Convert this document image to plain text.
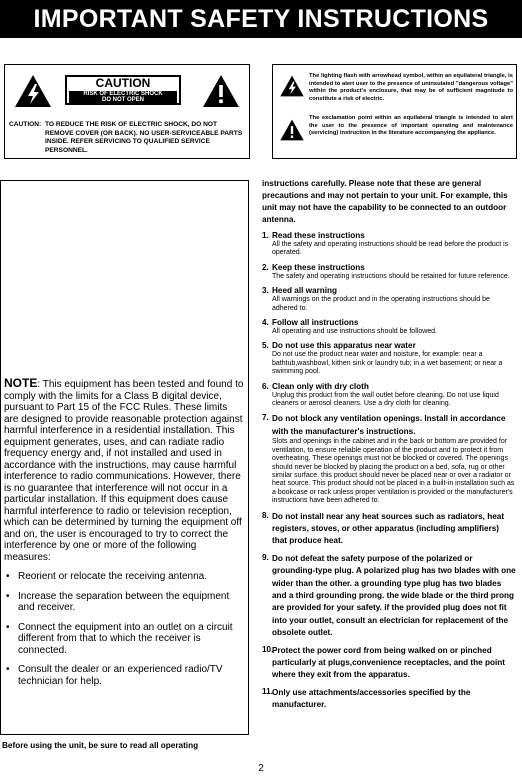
IMPORTANT SAFETY INSTRUCTIONS
CAUTION
RISK OF ELECTRIC SHOCK
DO NOT OPEN
CAUTION: TO REDUCE THE RISK OF ELECTRIC SHOCK, DO NOT REMOVE COVER (OR BACK). NO USER-SERVICEABLE PARTS INSIDE. REFER SERVICING TO QUALIFIED SERVICE PERSONNEL.
The lighting flash with arrowhead symbol, within an equilateral triangle, is intended to alert user to the presence of uninsulated "dangerous voltage" within the product's enclosure, that may be of sufficient magnitude to constitute a risk of electric.
The exclamation point within an equilateral triangle is intended to alert the user to the presence of important operating and maintenance (servicing) instruction in the literature accompanying the appliance.
NOTE: This equipment has been tested and found to comply with the limits for a Class B digital device, pursuant to Part 15 of the FCC Rules. These limits are designed to provide reasonable protection against harmful interference in a residential installation. This equipment generates, uses, and can radiate radio frequency energy and, if not installed and used in accordance with the instructions, may cause harmful interference to radio communications. However, there is no guarantee that interference will not occur in a particular installation. If this equipment does cause harmful interference to radio or television reception, which can be determined by turning the equipment off and on, the user is encouraged to try to correct the interference by one or more of the following measures:
• Reorient or relocate the receiving antenna.
• Increase the separation between the equipment and receiver.
• Connect the equipment into an outlet on a circuit different from that to which the receiver is connected.
• Consult the dealer or an experienced radio/TV technician for help.
Before using the unit, be sure to read all operating

instructions carefully. Please note that these are general precautions and may not pertain to your unit. For example, this unit may not have the capability to be connected to an outdoor antenna.

1. Read these instructions
All the safety and operating instructions should be read before the product is operated.
2. Keep these instructions
The safety and operating instructions should be retained for future reference.
3. Heed all warning
All warnings on the product and in the operating instructions should be adhered to.
4. Follow all instructions
All operating and use instructions should be followed.
5. Do not use this apparatus near water
Do not use the product near water and noisture, for example: near a bathtub,washbowl, kithen sink or laundry tub; in a wet basement; or near a swimming pool.
6. Clean only with dry cloth
Unplug this product from the wall outlet before cleaning. Do not use liquid cleaners or aerosol cleaners. Use a dry cloth for cleaning.
7. Do not block any ventilation openings. Install in accordance with the manufacturer's instructions.
Slots and openings in the cabinet and in the back or bottom are provided for ventilation, to ensure reliable operation of the product and to protect it from overheating. These openings must not be blocked or covered. The openings should never be blocked by placing the product on a bed, sofa, rug or other similar surface. this product should never be placed near or over a radiator or heat source. This product should not be placed in a built-in installation such as a bookcase or rack unless proper ventilation is provided or the manufacturer's instructions have been adhered to.
8. Do not install near any heat sources such as radiators, heat registers, stoves, or other apparatus (including amplifiers) that produce heat.
9. Do not defeat the safety purpose of the polarized or grounding-type plug. A polarized plug has two blades with one wider than the other. a grounding type plug has two blades and a third grounding prong. the wide blade or the third prong are provided for your safety. if the provided plug does not fit into your outlet, consult an electrician for replacement of the obsolete outlet.
10.
Protect the power cord from being walked on or pinched particularly at plugs,convenience receptacles, and the point where they exit from the apparatus.
11. Only use attachments/accessories specified by the manufacturer.
2
